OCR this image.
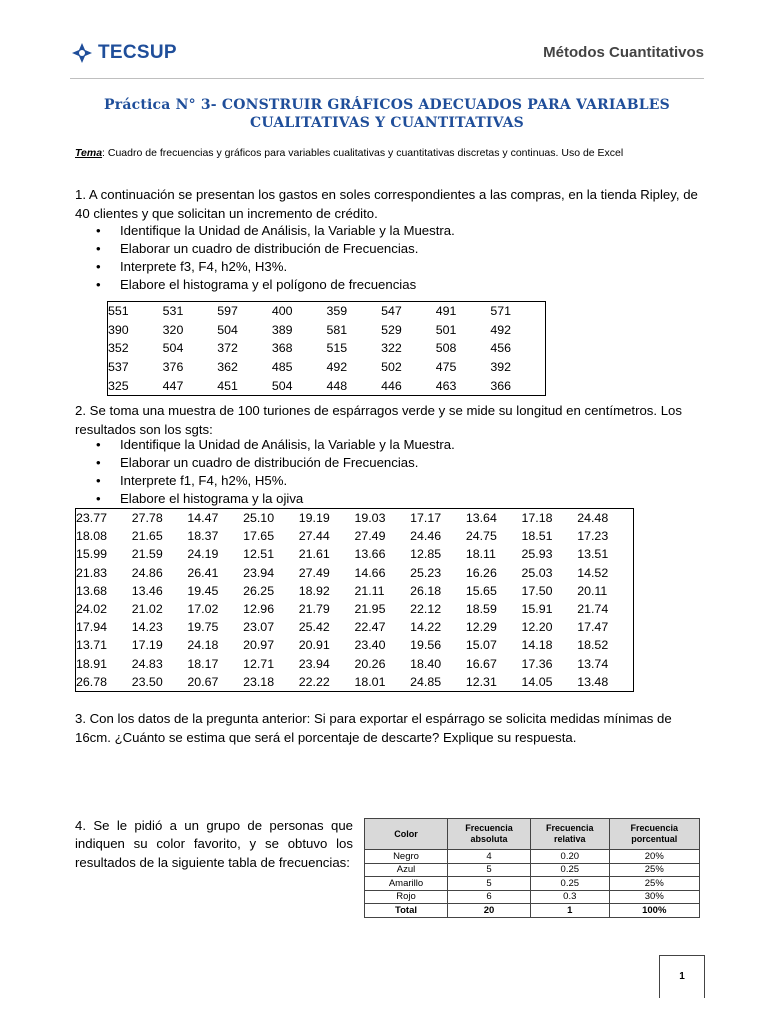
TECSUP	Métodos Cuantitativos
Práctica N° 3- CONSTRUIR GRÁFICOS ADECUADOS PARA VARIABLES
CUALITATIVAS Y CUANTITATIVAS
Tema: Cuadro de frecuencias y gráficos para variables cualitativas y cuantitativas discretas y continuas. Uso de Excel
1. A continuación se presentan los gastos en soles correspondientes a las compras, en la tienda Ripley, de 40 clientes y que solicitan un incremento de crédito.
• Identifique la Unidad de Análisis, la Variable y la Muestra.
• Elaborar un cuadro de distribución de Frecuencias.
• Interprete f3, F4, h2%, H3%.
• Elabore el histograma y el polígono de frecuencias
551	531	597	400	359	547	491	571
390	320	504	389	581	529	501	492
352	504	372	368	515	322	508	456
537	376	362	485	492	502	475	392
325	447	451	504	448	446	463	366
2. Se toma una muestra de 100 turiones de espárragos verde y se mide su longitud en centímetros. Los resultados son los sgts:
• Identifique la Unidad de Análisis, la Variable y la Muestra.
• Elaborar un cuadro de distribución de Frecuencias.
• Interprete f1, F4, h2%, H5%.
• Elabore el histograma y la ojiva
23.77	27.78	14.47	25.10	19.19	19.03	17.17	13.64	17.18	24.48
18.08	21.65	18.37	17.65	27.44	27.49	24.46	24.75	18.51	17.23
15.99	21.59	24.19	12.51	21.61	13.66	12.85	18.11	25.93	13.51
21.83	24.86	26.41	23.94	27.49	14.66	25.23	16.26	25.03	14.52
13.68	13.46	19.45	26.25	18.92	21.11	26.18	15.65	17.50	20.11
24.02	21.02	17.02	12.96	21.79	21.95	22.12	18.59	15.91	21.74
17.94	14.23	19.75	23.07	25.42	22.47	14.22	12.29	12.20	17.47
13.71	17.19	24.18	20.97	20.91	23.40	19.56	15.07	14.18	18.52
18.91	24.83	18.17	12.71	23.94	20.26	18.40	16.67	17.36	13.74
26.78	23.50	20.67	23.18	22.22	18.01	24.85	12.31	14.05	13.48
3. Con los datos de la pregunta anterior: Si para exportar el espárrago se solicita medidas mínimas de 16cm. ¿Cuánto se estima que será el porcentaje de descarte? Explique su respuesta.
4. Se le pidió a un grupo de personas que indiquen su color favorito, y se obtuvo los resultados de la siguiente tabla de frecuencias:
Color	Frecuencia absoluta	Frecuencia relativa	Frecuencia porcentual
Negro	4	0.20	20%
Azul	5	0.25	25%
Amarillo	5	0.25	25%
Rojo	6	0.3	30%
Total	20	1	100%
1
